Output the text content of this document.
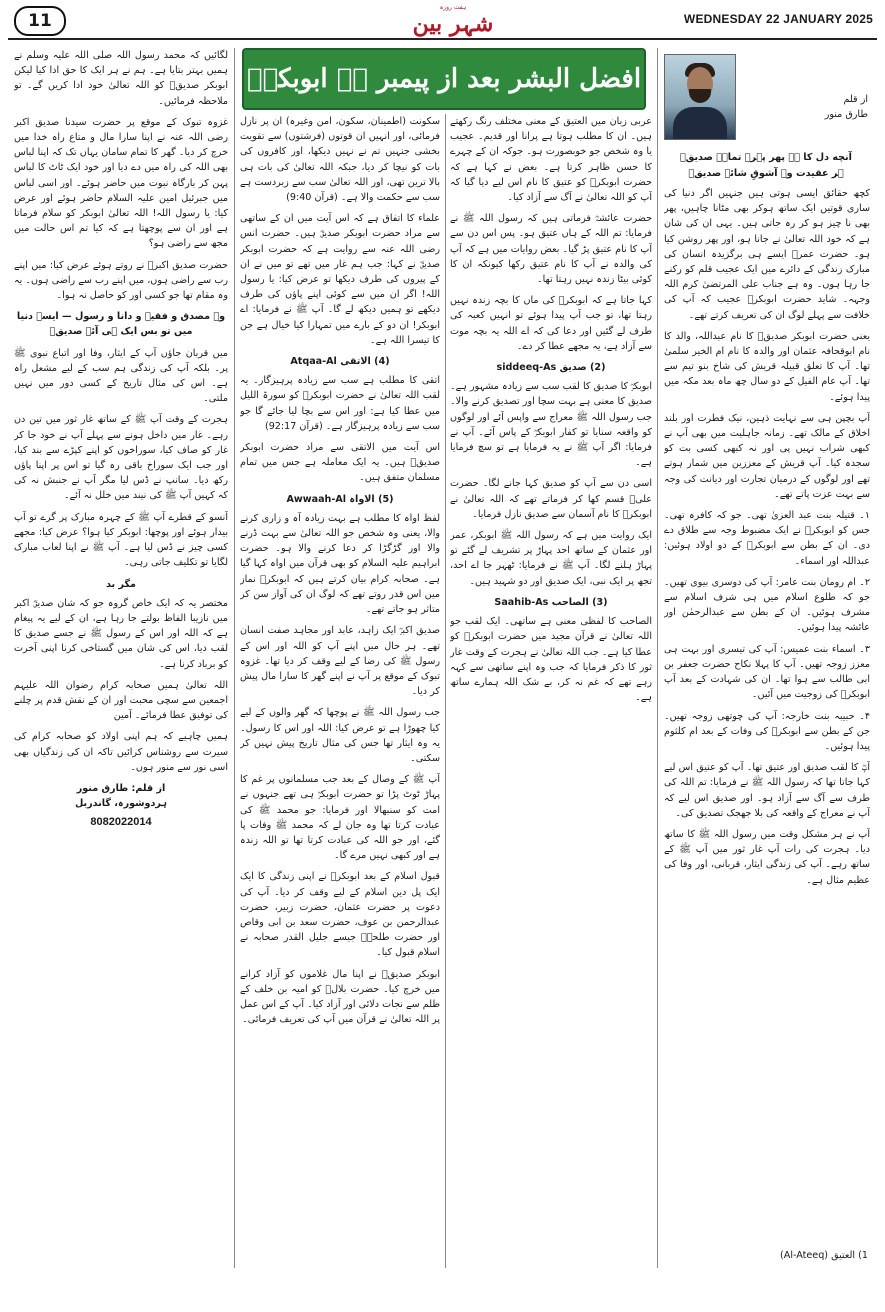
11
ہفت روزہ
شہر بین	WEDNESDAY 22 JANUARY 2025
افضل البشر بعد از پیمبر ہے ابوبکرؓ
از قلم
طارق منور
آنچه دل کا ہے پھر پہرہ تماہے صدیقؓ
ہر عقیدت وہ آشوقِ شائے صدیقؓ

کچھ حقائق ایسی ہوتی ہیں جنہیں اگر دنیا کی ساری قوتیں ایک ساتھ ہوکر بھی مٹانا چاہیں، پھر بھی نا چیز ہو کر رہ جاتی ہیں۔ یہی ان کی شان ہے کہ خود اللہ تعالیٰ نے جانا ہو، اور پھر روشن کیا ہو۔ حضرت عمرؓ ایسے ہی برگزیدہ انسان کی مبارک زندگی کے دائرے میں ایک عجیب قلم کو رکنے جا رہا ہوں۔ وہ ہے جناب علی المرتضیٰ کرم اللہ وجہہ۔ شاید حضرت ابوبکرؓ عجیب کہ آپ کی خلافت سے پہلے لوگ ان کی تعریف کرتے تھے۔

یعنی حضرت ابوبکر صدیقؓ کا نام عبداللہ، والد کا نام ابوقحافہ عثمان اور والدہ کا نام ام الخیر سلمیٰ تھا۔ آپ کا تعلق قبیلہ قریش کی شاخ بنو تیم سے تھا۔ آپ عام الفیل کے دو سال چھ ماہ بعد مکہ میں پیدا ہوئے۔

آپ بچپن ہی سے نہایت ذہین، نیک فطرت اور بلند اخلاق کے مالک تھے۔ زمانہ جاہلیت میں بھی آپ نے کبھی شراب نہیں پی اور نہ کبھی کسی بت کو سجدہ کیا۔ آپ قریش کے معززین میں شمار ہوتے تھے اور لوگوں کے درمیان تجارت اور دیانت کی وجہ سے بہت عزت پاتے تھے۔

۱۔ قتیلہ بنت عبد العزیٰ تھی۔ جو کہ کافرہ تھی۔ جس کو ابوبکرؓ نے ایک مضبوط وجہ سے طلاق دے دی۔ ان کے بطن سے ابوبکرؓ کے دو اولاد ہوئیں: عبداللہ اور اسماء۔

۲۔ ام رومان بنت عامر: آپ کی دوسری بیوی تھیں۔ جو کہ طلوع اسلام میں ہی شرف اسلام سے مشرف ہوئیں۔ ان کے بطن سے عبدالرحمٰن اور عائشہ پیدا ہوئیں۔

۳۔ اسماء بنت عمیس: آپ کی تیسری اور بہت ہی معزز زوجہ تھیں۔ آپ کا پہلا نکاح حضرت جعفر بن ابی طالب سے ہوا تھا۔ ان کی شہادت کے بعد آپ ابوبکرؓ کی زوجیت میں آئیں۔

۴۔ حبیبہ بنت خارجہ: آپ کی چوتھی زوجہ تھیں۔ جن کے بطن سے ابوبکرؓ کی وفات کے بعد ام کلثوم پیدا ہوئیں۔

آپؓ کا لقب صدیق اور عتیق تھا۔ آپ کو عتیق اس لیے کہا جاتا تھا کہ رسول اللہ ﷺ نے فرمایا: تم اللہ کی طرف سے آگ سے آزاد ہو۔ اور صدیق اس لیے کہ آپ نے معراج کے واقعہ کی بلا جھجک تصدیق کی۔

آپ نے ہر مشکل وقت میں رسول اللہ ﷺ کا ساتھ دیا۔ ہجرت کی رات آپ غار ثور میں آپ ﷺ کے ساتھ رہے۔ آپ کی زندگی ایثار، قربانی، اور وفا کی عظیم مثال ہے۔

1) العتیق (Al-Ateeq)

عربی زبان میں العتیق کے معنی مختلف رنگ رکھتے ہیں۔ ان کا مطلب ہوتا ہے پرانا اور قدیم۔ عجیب یا وہ شخص جو خوبصورت ہو۔ جوکہ ان کے چہرے کا حسن ظاہر کرتا ہے۔ بعض نے کہا ہے کہ حضرت ابوبکرؓ کو عتیق کا نام اس لیے دیا گیا کہ آپ کو اللہ تعالیٰ نے آگ سے آزاد کیا۔

حضرت عائشہؓ فرماتی ہیں کہ رسول اللہ ﷺ نے فرمایا: تم اللہ کے ہاں عتیق ہو۔ پس اس دن سے آپ کا نام عتیق پڑ گیا۔ بعض روایات میں ہے کہ آپ کی والدہ نے آپ کا نام عتیق رکھا کیونکہ ان کا کوئی بیٹا زندہ نہیں رہتا تھا۔

کہا جاتا ہے کہ ابوبکرؓ کی ماں کا بچہ زندہ نہیں رہتا تھا، تو جب آپ پیدا ہوئے تو انہیں کعبہ کی طرف لے گئیں اور دعا کی کہ اے اللہ یہ بچہ موت سے آزاد ہے، یہ مجھے عطا کر دے۔

(2) صدیق siddeeq-As

ابوبکرؓ کا صدیق کا لقب سب سے زیادہ مشہور ہے۔ صدیق کا معنی ہے بہت سچا اور تصدیق کرنے والا۔ جب رسول اللہ ﷺ معراج سے واپس آئے اور لوگوں کو واقعہ سنایا تو کفار ابوبکرؓ کے پاس آئے۔ آپ نے فرمایا: اگر آپ ﷺ نے یہ فرمایا ہے تو سچ فرمایا ہے۔

اسی دن سے آپ کو صدیق کہا جانے لگا۔ حضرت علیؓ قسم کھا کر فرماتے تھے کہ اللہ تعالیٰ نے ابوبکرؓ کا نام آسمان سے صدیق نازل فرمایا۔

ایک روایت میں ہے کہ رسول اللہ ﷺ ابوبکر، عمر اور عثمان کے ساتھ احد پہاڑ پر تشریف لے گئے تو پہاڑ ہلنے لگا۔ آپ ﷺ نے فرمایا: ٹھہر جا اے احد، تجھ پر ایک نبی، ایک صدیق اور دو شہید ہیں۔

(3) الصاحب Saahib-As

الصاحب کا لفظی معنی ہے ساتھی۔ ایک لقب جو اللہ تعالیٰ نے قرآن مجید میں حضرت ابوبکرؓ کو عطا کیا ہے۔ جب اللہ تعالیٰ نے ہجرت کے وقت غار ثور کا ذکر فرمایا کہ جب وہ اپنے ساتھی سے کہہ رہے تھے کہ غم نہ کر، بے شک اللہ ہمارے ساتھ ہے۔

سکونت (اطمینان، سکون، امن وغیرہ) ان پر نازل فرمائی، اور انہیں ان قوتوں (فرشتوں) سے تقویت بخشی جنہیں تم نے نہیں دیکھا، اور کافروں کی بات کو نیچا کر دیا، جبکہ اللہ تعالیٰ کی بات ہی بالا ترین تھی، اور اللہ تعالیٰ سب سے زبردست ہے سب سے حکمت والا ہے۔ (قرآن 9:40)

علماء کا اتفاق ہے کہ اس آیت میں ان کے ساتھی سے مراد حضرت ابوبکر صدیقؓ ہیں۔ حضرت انس رضی اللہ عنہ سے روایت ہے کہ حضرت ابوبکر صدیقؓ نے کہا: جب ہم غار میں تھے تو میں نے ان کے پیروں کی طرف دیکھا تو عرض کیا: یا رسول اللہ! اگر ان میں سے کوئی اپنے پاؤں کی طرف دیکھے تو ہمیں دیکھ لے گا۔ آپ ﷺ نے فرمایا: اے ابوبکر! ان دو کے بارے میں تمہارا کیا خیال ہے جن کا تیسرا اللہ ہے۔

(4) الاتقی Atqaa-Al

اتقی کا مطلب ہے سب سے زیادہ پرہیزگار۔ یہ لقب اللہ تعالیٰ نے حضرت ابوبکرؓ کو سورۃ اللیل میں عطا کیا ہے: اور اس سے بچا لیا جائے گا جو سب سے زیادہ پرہیزگار ہے۔ (قرآن 92:17)

اس آیت میں الاتقی سے مراد حضرت ابوبکر صدیقؓ ہیں۔ یہ ایک معاملہ ہے جس میں تمام مسلمان متفق ہیں۔

(5) الاواہ Awwaah-Al

لفظ اواہ کا مطلب ہے بہت زیادہ آہ و زاری کرنے والا، یعنی وہ شخص جو اللہ تعالیٰ سے بہت ڈرنے والا اور گڑگڑا کر دعا کرنے والا ہو۔ حضرت ابراہیم علیہ السلام کو بھی قرآن میں اواہ کہا گیا ہے۔ صحابہ کرام بیان کرتے ہیں کہ ابوبکرؓ نماز میں اس قدر روتے تھے کہ لوگ ان کی آواز سن کر متاثر ہو جاتے تھے۔

صدیق اکبرؓ ایک زاہد، عابد اور مجاہد صفت انسان تھے۔ ہر حال میں اپنے آپ کو اللہ اور اس کے رسول ﷺ کی رضا کے لیے وقف کر دیا تھا۔ غزوہ تبوک کے موقع پر آپ نے اپنے گھر کا سارا مال پیش کر دیا۔

جب رسول اللہ ﷺ نے پوچھا کہ گھر والوں کے لیے کیا چھوڑا ہے تو عرض کیا: اللہ اور اس کا رسول۔ یہ وہ ایثار تھا جس کی مثال تاریخ پیش نہیں کر سکتی۔

آپ ﷺ کے وصال کے بعد جب مسلمانوں پر غم کا پہاڑ ٹوٹ پڑا تو حضرت ابوبکرؓ ہی تھے جنہوں نے امت کو سنبھالا اور فرمایا: جو محمد ﷺ کی عبادت کرتا تھا وہ جان لے کہ محمد ﷺ وفات پا گئے، اور جو اللہ کی عبادت کرتا تھا تو اللہ زندہ ہے اور کبھی نہیں مرے گا۔

قبول اسلام کے بعد ابوبکرؓ نے اپنی زندگی کا ایک ایک پل دین اسلام کے لیے وقف کر دیا۔ آپ کی دعوت پر حضرت عثمان، حضرت زبیر، حضرت عبدالرحمن بن عوف، حضرت سعد بن ابی وقاص اور حضرت طلحہؓ جیسے جلیل القدر صحابہ نے اسلام قبول کیا۔

ابوبکر صدیقؓ نے اپنا مال غلاموں کو آزاد کرانے میں خرچ کیا۔ حضرت بلالؓ کو امیہ بن خلف کے ظلم سے نجات دلائی اور آزاد کیا۔ آپ کے اس عمل پر اللہ تعالیٰ نے قرآن میں آپ کی تعریف فرمائی۔

لگائیں کہ محمد رسول اللہ صلی اللہ علیہ وسلم نے ہمیں بہتر بتایا ہے۔ ہم نے ہر ایک کا حق ادا کیا لیکن ابوبکر صدیقؓ کو اللہ تعالیٰ خود ادا کریں گے۔ تو ملاحظہ فرمائیں۔

غزوہ تبوک کے موقع پر حضرت سیدنا صدیق اکبر رضی اللہ عنہ نے اپنا سارا مال و متاع راہ خدا میں خرچ کر دیا۔ گھر کا تمام سامان یہاں تک کہ اپنا لباس بھی اللہ کی راہ میں دے دیا اور خود ایک ٹاٹ کا لباس پہن کر بارگاہ نبوت میں حاضر ہوئے۔ اور اسی لباس میں جبرئیل امین علیہ السلام حاضر ہوئے اور عرض کیا: یا رسول اللہ! اللہ تعالیٰ ابوبکر کو سلام فرماتا ہے اور ان سے پوچھتا ہے کہ کیا تم اس حالت میں مجھ سے راضی ہو؟

حضرت صدیق اکبرؓ نے روتے ہوئے عرض کیا: میں اپنے رب سے راضی ہوں، میں اپنے رب سے راضی ہوں۔ یہ وہ مقام تھا جو کسی اور کو حاصل نہ ہوا۔

وہ مصدق و فقیہ و دانا و رسول — ایسے دنیا میں تو بس ایک ہی آئے صدیقؓ

میں قربان جاؤں آپ کے ایثار، وفا اور اتباع نبوی ﷺ پر۔ بلکہ آپ کی زندگی ہم سب کے لیے مشعل راہ ہے۔ اس کی مثال تاریخ کے کسی دور میں نہیں ملتی۔

ہجرت کے وقت آپ ﷺ کے ساتھ غار ثور میں تین دن رہے۔ غار میں داخل ہونے سے پہلے آپ نے خود جا کر غار کو صاف کیا، سوراخوں کو اپنے کپڑے سے بند کیا، اور جب ایک سوراخ باقی رہ گیا تو اس پر اپنا پاؤں رکھ دیا۔ سانپ نے ڈس لیا مگر آپ نے جنبش نہ کی کہ کہیں آپ ﷺ کی نیند میں خلل نہ آئے۔

آنسو کے قطرے آپ ﷺ کے چہرہ مبارک پر گرے تو آپ بیدار ہوئے اور پوچھا: ابوبکر کیا ہوا؟ عرض کیا: مجھے کسی چیز نے ڈس لیا ہے۔ آپ ﷺ نے اپنا لعاب مبارک لگایا تو تکلیف جاتی رہی۔

مگر بد

مختصر یہ کہ ایک خاص گروہ جو کہ شان صدیقؓ اکبر میں نازیبا الفاظ بولتے جا رہا ہے، ان کے لیے یہ پیغام ہے کہ اللہ اور اس کے رسول ﷺ نے جسے صدیق کا لقب دیا، اس کی شان میں گستاخی کرنا اپنی آخرت کو برباد کرنا ہے۔

اللہ تعالیٰ ہمیں صحابہ کرام رضوان اللہ علیہم اجمعین سے سچی محبت اور ان کے نقش قدم پر چلنے کی توفیق عطا فرمائے۔ آمین

ہمیں چاہیے کہ ہم اپنی اولاد کو صحابہ کرام کی سیرت سے روشناس کرائیں تاکہ ان کی زندگیاں بھی اسی نور سے منور ہوں۔

از قلم: طارق منور
ہردوشورہ، گاندربل
8082022014
